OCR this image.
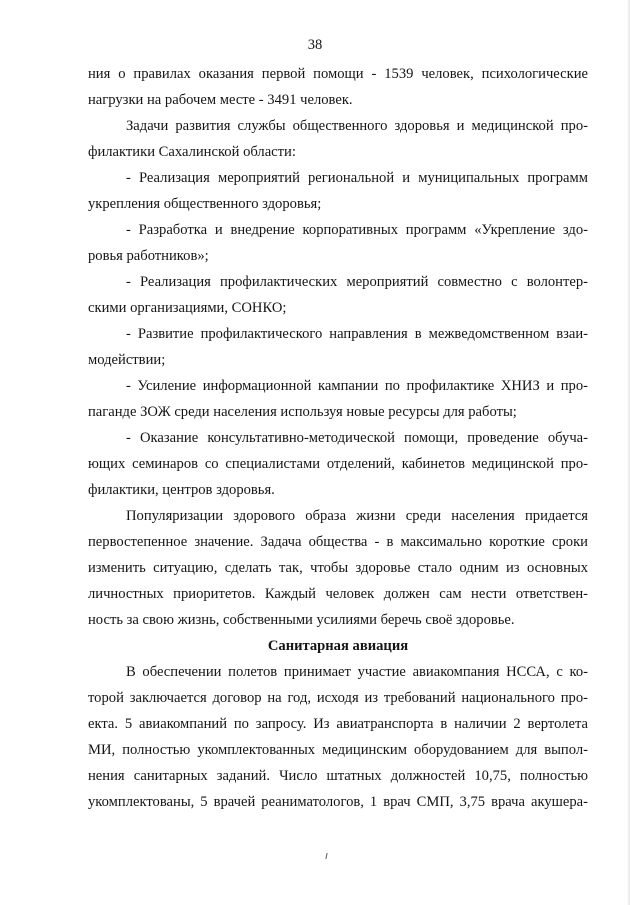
38
ния о правилах оказания первой помощи - 1539 человек, психологические
нагрузки на рабочем месте - 3491 человек.
Задачи развития службы общественного здоровья и медицинской про-
филактики Сахалинской области:
- Реализация мероприятий региональной и муниципальных программ
укрепления общественного здоровья;
- Разработка и внедрение корпоративных программ «Укрепление здо-
ровья работников»;
- Реализация профилактических мероприятий совместно с волонтер-
скими организациями, СОНКО;
- Развитие профилактического направления в межведомственном взаи-
модействии;
- Усиление информационной кампании по профилактике ХНИЗ и про-
паганде ЗОЖ среди населения используя новые ресурсы для работы;
- Оказание консультативно-методической помощи, проведение обуча-
ющих семинаров со специалистами отделений, кабинетов медицинской про-
филактики, центров здоровья.
Популяризации здорового образа жизни среди населения придается
первостепенное значение. Задача общества - в максимально короткие сроки
изменить ситуацию, сделать так, чтобы здоровье стало одним из основных
личностных приоритетов. Каждый человек должен сам нести ответствен-
ность за свою жизнь, собственными усилиями беречь своё здоровье.
Санитарная авиация
В обеспечении полетов принимает участие авиакомпания НССА, с ко-
торой заключается договор на год, исходя из требований национального про-
екта. 5 авиакомпаний по запросу. Из авиатранспорта в наличии 2 вертолета
МИ, полностью укомплектованных медицинским оборудованием для выпол-
нения санитарных заданий. Число штатных должностей 10,75, полностью
укомплектованы, 5 врачей реаниматологов, 1 врач СМП, 3,75 врача акушера-
